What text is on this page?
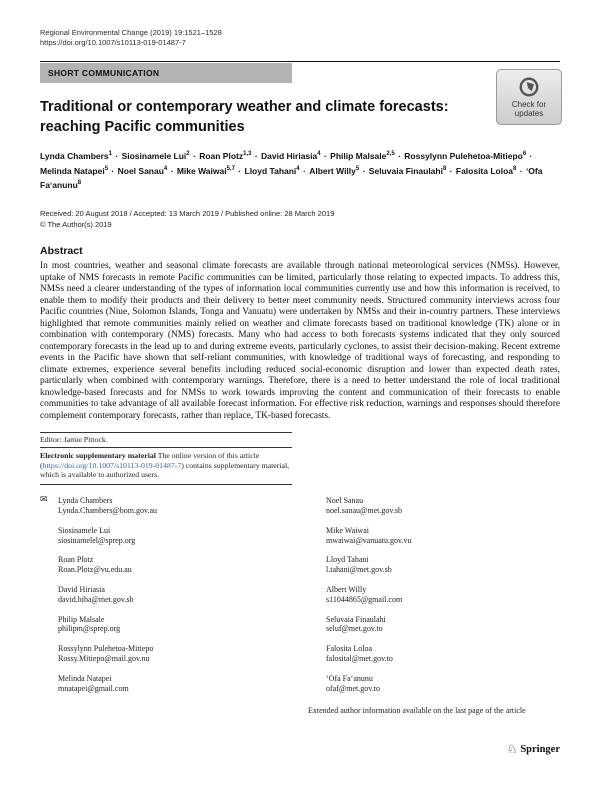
Regional Environmental Change (2019) 19:1521–1528
https://doi.org/10.1007/s10113-019-01487-7
SHORT COMMUNICATION
Check for
updates
Traditional or contemporary weather and climate forecasts: reaching Pacific communities

Lynda Chambers$^1$ · Siosinamele Lui$^2$ · Roan Plotz$^{1,3}$ · David Hiriasia$^4$ · Philip Malsale$^{2,5}$ · Rossylynn Pulehetoa-Mitiepo$^6$ · Melinda Natapei$^5$ · Noel Sanau$^4$ · Mike Waiwai$^{5,7}$ · Lloyd Tahani$^4$ · Albert Willy$^5$ · Seluvaia Finaulahi$^8$ · Falosita Loloa$^8$ · ʻOfa Faʻanunu$^8$

Received: 20 August 2018 / Accepted: 13 March 2019 / Published online: 28 March 2019
© The Author(s) 2019
Abstract

In most countries, weather and seasonal climate forecasts are available through national meteorological services (NMSs). However, uptake of NMS forecasts in remote Pacific communities can be limited, particularly those relating to expected impacts. To address this, NMSs need a clearer understanding of the types of information local communities currently use and how this information is received, to enable them to modify their products and their delivery to better meet community needs. Structured community interviews across four Pacific countries (Niue, Solomon Islands, Tonga and Vanuatu) were undertaken by NMSs and their in-country partners. These interviews highlighted that remote communities mainly relied on weather and climate forecasts based on traditional knowledge (TK) alone or in combination with contemporary (NMS) forecasts. Many who had access to both forecasts systems indicated that they only sourced contemporary forecasts in the lead up to and during extreme events, particularly cyclones, to assist their decision-making. Recent extreme events in the Pacific have shown that self-reliant communities, with knowledge of traditional ways of forecasting, and responding to climate extremes, experience several benefits including reduced social-economic disruption and lower than expected death rates, particularly when combined with contemporary warnings. Therefore, there is a need to better understand the role of local traditional knowledge-based forecasts and for NMSs to work towards improving the content and communication of their forecasts to enable communities to take advantage of all available forecast information. For effective risk reduction, warnings and responses should therefore complement contemporary forecasts, rather than replace, TK-based forecasts.

Editor: Jamie Pittock.
Electronic supplementary material The online version of this article (https://doi.org/10.1007/s10113-019-01487-7) contains supplementary material, which is available to authorized users.
✉ Lynda Chambers
Lynda.Chambers@bom.gov.au
Siosinamele Lui
siosinamelel@sprep.org
Roan Plotz
Roan.Plotz@vu.edu.au
David Hiriasia
david.hiba@met.gov.sb
Philip Malsale
philipm@sprep.org
Rossylynn Pulehetoa-Mitiepo
Rossy.Mitiepo@mail.gov.nu
Melinda Natapei
mnatapei@gmail.com
Noel Sanau
noel.sanau@met.gov.sb
Mike Waiwai
mwaiwai@vanuatu.gov.vu
Lloyd Tahani
l.tahani@met.gov.sb
Albert Willy
s11044865@gmail.com
Seluvaia Finaulahi
seluf@met.gov.to
Falosita Loloa
falosital@met.gov.to
ʻOfa Faʻanunu
ofaf@met.gov.to
Extended author information available on the last page of the article
♘ Springer
